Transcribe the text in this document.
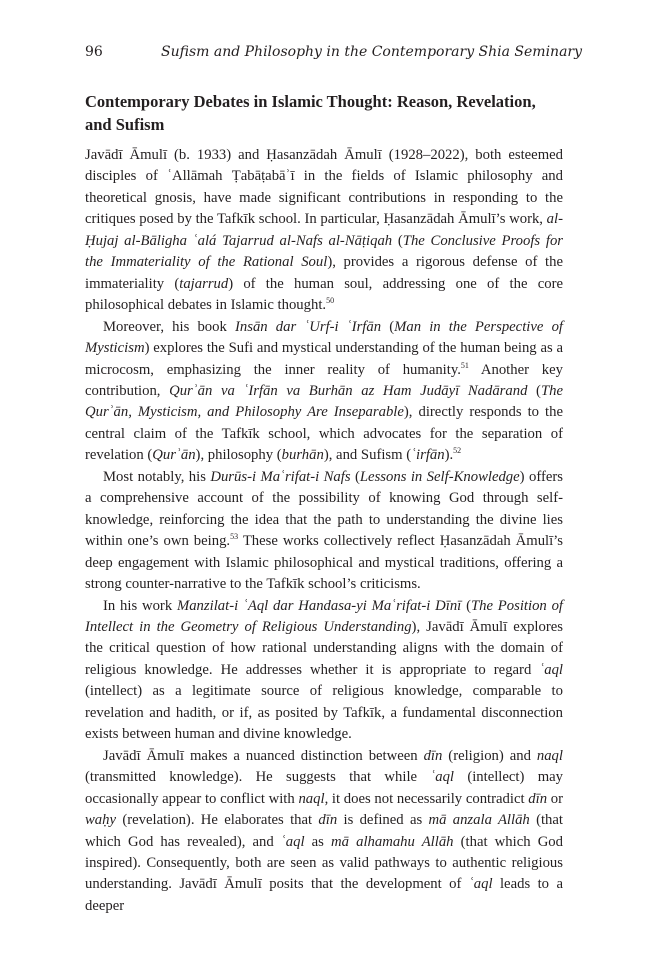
96	Sufism and Philosophy in the Contemporary Shia Seminary
Contemporary Debates in Islamic Thought: Reason, Revelation, and Sufism

Javādī Āmulī (b. 1933) and Ḥasanzādah Āmulī (1928–2022), both esteemed disciples of ʿAllāmah Ṭabāṭabāʾī in the fields of Islamic philosophy and theoretical gnosis, have made significant contributions in responding to the critiques posed by the Tafkīk school. In particular, Ḥasanzādah Āmulī’s work, al-Ḥujaj al-Bāligha ʿalá Tajarrud al-Nafs al-Nāṭiqah (The Conclusive Proofs for the Immateriality of the Rational Soul), provides a rigorous defense of the immateriality (tajarrud) of the human soul, addressing one of the core philosophical debates in Islamic thought.$^{50}$

Moreover, his book Insān dar ʿUrf-i ʿIrfān (Man in the Perspective of Mysticism) explores the Sufi and mystical understanding of the human being as a microcosm, emphasizing the inner reality of humanity.$^{51}$ Another key contribution, Qurʾān va ʿIrfān va Burhān az Ham Judāyī Nadārand (The Qurʾān, Mysticism, and Philosophy Are Inseparable), directly responds to the central claim of the Tafkīk school, which advocates for the separation of revelation (Qurʾān), philosophy (burhān), and Sufism (ʿirfān).$^{52}$

Most notably, his Durūs-i Maʿrifat-i Nafs (Lessons in Self-Knowledge) offers a comprehensive account of the possibility of knowing God through self-knowledge, reinforcing the idea that the path to understanding the divine lies within one’s own being.$^{53}$ These works collectively reflect Ḥasanzādah Āmulī’s deep engagement with Islamic philosophical and mystical traditions, offering a strong counter-narrative to the Tafkīk school’s criticisms.

In his work Manzilat-i ʿAql dar Handasa-yi Maʿrifat-i Dīnī (The Position of Intellect in the Geometry of Religious Understanding), Javādī Āmulī explores the critical question of how rational understanding aligns with the domain of religious knowledge. He addresses whether it is appropriate to regard ʿaql (intellect) as a legitimate source of religious knowledge, comparable to revelation and hadith, or if, as posited by Tafkīk, a fundamental disconnection exists between human and divine knowledge.

Javādī Āmulī makes a nuanced distinction between dīn (religion) and naql (transmitted knowledge). He suggests that while ʿaql (intellect) may occasionally appear to conflict with naql, it does not necessarily contradict dīn or waḥy (revelation). He elaborates that dīn is defined as mā anzala Allāh (that which God has revealed), and ʿaql as mā alhamahu Allāh (that which God inspired). Consequently, both are seen as valid pathways to authentic religious understanding. Javādī Āmulī posits that the development of ʿaql leads to a deeper
